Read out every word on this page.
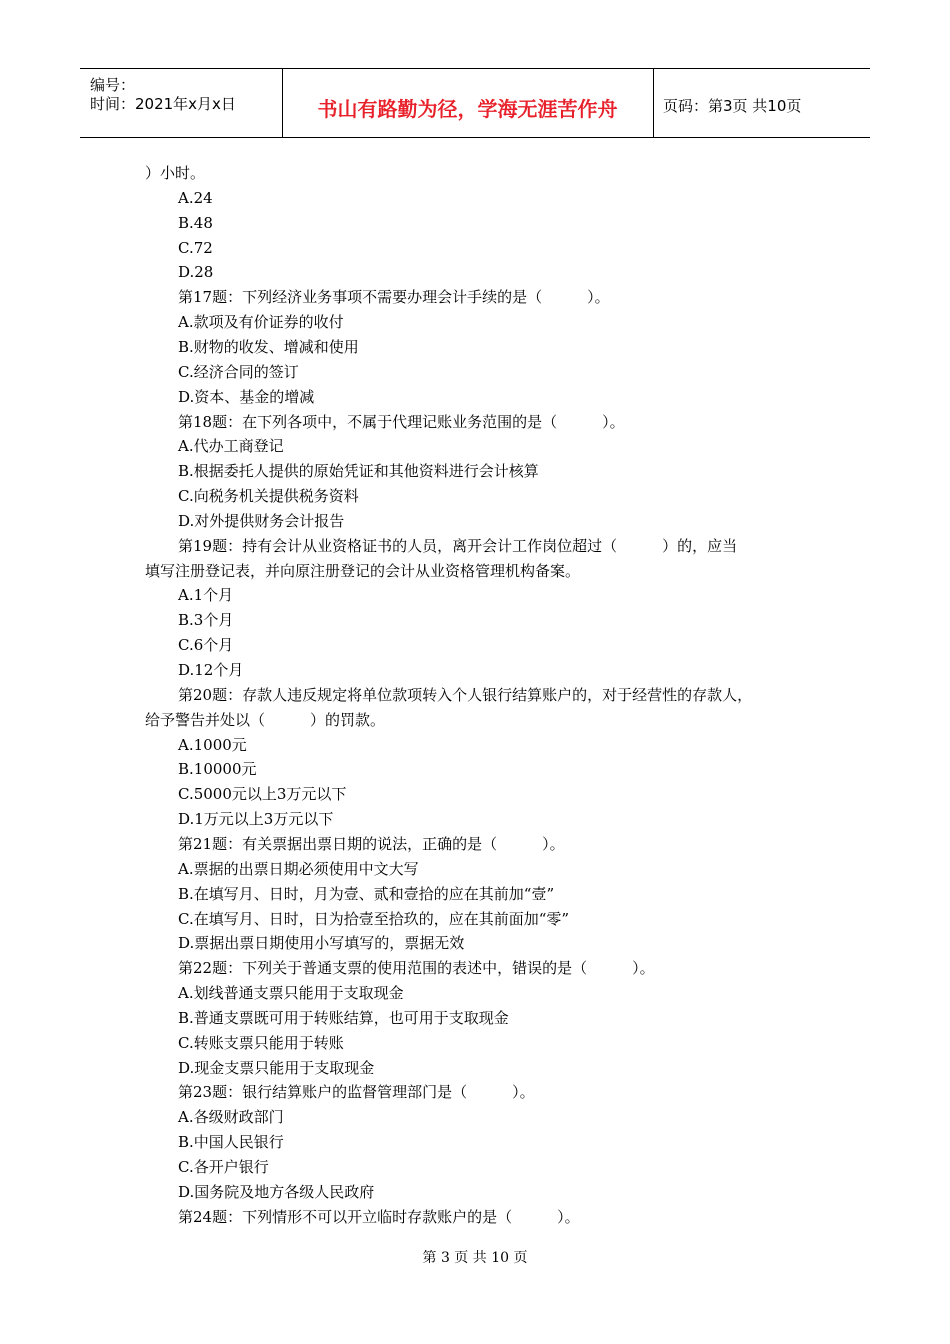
编号：
时间：2021年x月x日	书山有路勤为径，学海无涯苦作舟	页码：第3页 共10页
）小时。
A.24
B.48
C.72
D.28
第17题：下列经济业务事项不需要办理会计手续的是（　　　）。
A.款项及有价证券的收付
B.财物的收发、增减和使用
C.经济合同的签订
D.资本、基金的增减
第18题：在下列各项中，不属于代理记账业务范围的是（　　　）。
A.代办工商登记
B.根据委托人提供的原始凭证和其他资料进行会计核算
C.向税务机关提供税务资料
D.对外提供财务会计报告
第19题：持有会计从业资格证书的人员，离开会计工作岗位超过（　　　）的，应当
填写注册登记表，并向原注册登记的会计从业资格管理机构备案。
A.1个月
B.3个月
C.6个月
D.12个月
第20题：存款人违反规定将单位款项转入个人银行结算账户的，对于经营性的存款人，
给予警告并处以（　　　）的罚款。
A.1000元
B.10000元
C.5000元以上3万元以下
D.1万元以上3万元以下
第21题：有关票据出票日期的说法，正确的是（　　　）。
A.票据的出票日期必须使用中文大写
B.在填写月、日时，月为壹、贰和壹拾的应在其前加“壹”
C.在填写月、日时，日为拾壹至拾玖的，应在其前面加“零”
D.票据出票日期使用小写填写的，票据无效
第22题：下列关于普通支票的使用范围的表述中，错误的是（　　　）。
A.划线普通支票只能用于支取现金
B.普通支票既可用于转账结算，也可用于支取现金
C.转账支票只能用于转账
D.现金支票只能用于支取现金
第23题：银行结算账户的监督管理部门是（　　　）。
A.各级财政部门
B.中国人民银行
C.各开户银行
D.国务院及地方各级人民政府
第24题：下列情形不可以开立临时存款账户的是（　　　）。
第 3 页 共 10 页
